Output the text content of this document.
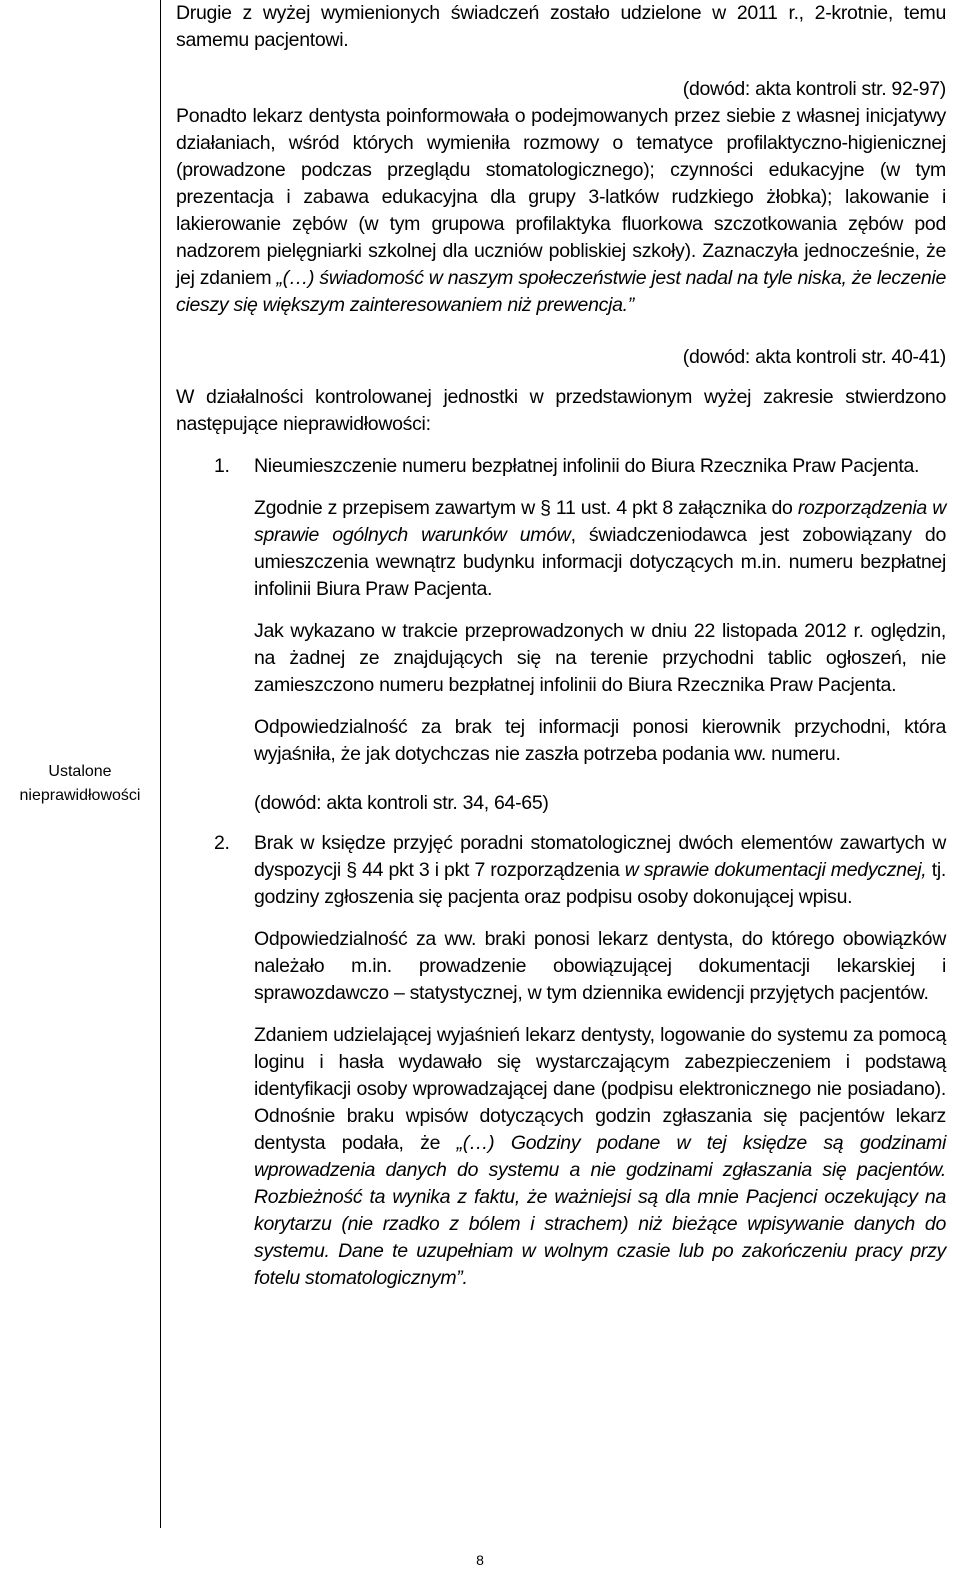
Ustalone
nieprawidłowości

Drugie z wyżej wymienionych świadczeń zostało udzielone w 2011 r., 2-krotnie, temu samemu pacjentowi.

(dowód: akta kontroli str. 92-97)

Ponadto lekarz dentysta poinformowała o podejmowanych przez siebie z własnej inicjatywy działaniach, wśród których wymieniła rozmowy o tematyce profilaktyczno-higienicznej (prowadzone podczas przeglądu stomatologicznego); czynności edukacyjne (w tym prezentacja i zabawa edukacyjna dla grupy 3-latków rudzkiego żłobka); lakowanie i lakierowanie zębów (w tym grupowa profilaktyka fluorkowa szczotkowania zębów pod nadzorem pielęgniarki szkolnej dla uczniów pobliskiej szkoły). Zaznaczyła jednocześnie, że jej zdaniem „(…) świadomość w naszym społeczeństwie jest nadal na tyle niska, że leczenie cieszy się większym zainteresowaniem niż prewencja.”

(dowód: akta kontroli str. 40-41)

W działalności kontrolowanej jednostki w przedstawionym wyżej zakresie stwierdzono następujące nieprawidłowości:

1. Nieumieszczenie numeru bezpłatnej infolinii do Biura Rzecznika Praw Pacjenta.

Zgodnie z przepisem zawartym w § 11 ust. 4 pkt 8 załącznika do rozporządzenia w sprawie ogólnych warunków umów, świadczeniodawca jest zobowiązany do umieszczenia wewnątrz budynku informacji dotyczących m.in. numeru bezpłatnej infolinii Biura Praw Pacjenta.

Jak wykazano w trakcie przeprowadzonych w dniu 22 listopada 2012 r. oględzin, na żadnej ze znajdujących się na terenie przychodni tablic ogłoszeń, nie zamieszczono numeru bezpłatnej infolinii do Biura Rzecznika Praw Pacjenta.

Odpowiedzialność za brak tej informacji ponosi kierownik przychodni, która wyjaśniła, że jak dotychczas nie zaszła potrzeba podania ww. numeru.

(dowód: akta kontroli str. 34, 64-65)

2. Brak w księdze przyjęć poradni stomatologicznej dwóch elementów zawartych w dyspozycji § 44 pkt 3 i pkt 7 rozporządzenia w sprawie dokumentacji medycznej, tj. godziny zgłoszenia się pacjenta oraz podpisu osoby dokonującej wpisu.

Odpowiedzialność za ww. braki ponosi lekarz dentysta, do którego obowiązków należało m.in. prowadzenie obowiązującej dokumentacji lekarskiej i sprawozdawczo – statystycznej, w tym dziennika ewidencji przyjętych pacjentów.

Zdaniem udzielającej wyjaśnień lekarz dentysty, logowanie do systemu za pomocą loginu i hasła wydawało się wystarczającym zabezpieczeniem i podstawą identyfikacji osoby wprowadzającej dane (podpisu elektronicznego nie posiadano). Odnośnie braku wpisów dotyczących godzin zgłaszania się pacjentów lekarz dentysta podała, że „(…) Godziny podane w tej księdze są godzinami wprowadzenia danych do systemu a nie godzinami zgłaszania się pacjentów. Rozbieżność ta wynika z faktu, że ważniejsi są dla mnie Pacjenci oczekujący na korytarzu (nie rzadko z bólem i strachem) niż bieżące wpisywanie danych do systemu. Dane te uzupełniam w wolnym czasie lub po zakończeniu pracy przy fotelu stomatologicznym”.

8
